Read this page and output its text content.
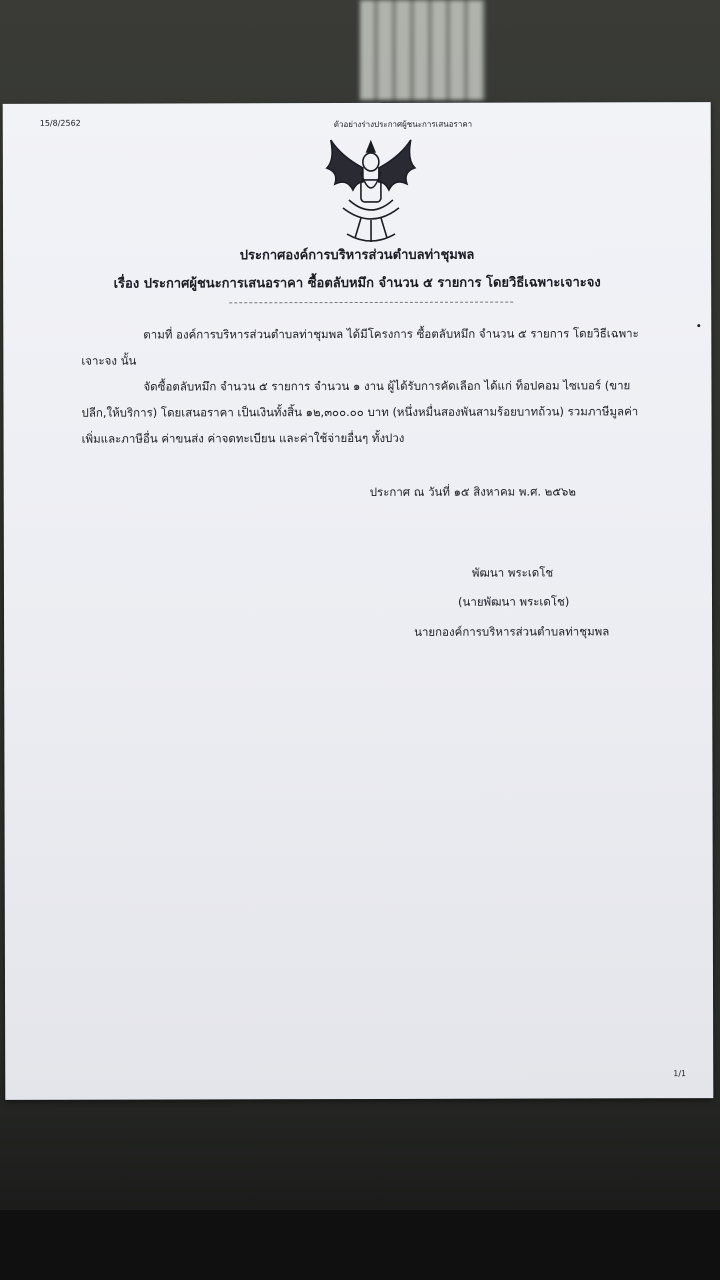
15/8/2562	ตัวอย่างร่างประกาศผู้ชนะการเสนอราคา
ประกาศองค์การบริหารส่วนตำบลท่าชุมพล
เรื่อง ประกาศผู้ชนะการเสนอราคา ซื้อตลับหมึก จำนวน ๕ รายการ โดยวิธีเฉพาะเจาะจง
ตามที่ องค์การบริหารส่วนตำบลท่าชุมพล ได้มีโครงการ ซื้อตลับหมึก จำนวน ๕ รายการ โดยวิธีเฉพาะเจาะจง นั้น
จัดซื้อตลับหมึก จำนวน ๕ รายการ จำนวน ๑ งาน ผู้ได้รับการคัดเลือก ได้แก่ ท็อปคอม ไซเบอร์ (ขายปลีก,ให้บริการ) โดยเสนอราคา เป็นเงินทั้งสิ้น ๑๒,๓๐๐.๐๐ บาท (หนึ่งหมื่นสองพันสามร้อยบาทถ้วน) รวมภาษีมูลค่าเพิ่มและภาษีอื่น ค่าขนส่ง ค่าจดทะเบียน และค่าใช้จ่ายอื่นๆ ทั้งปวง
ประกาศ ณ วันที่ ๑๕ สิงหาคม พ.ศ. ๒๕๖๒
พัฒนา พระเดโช
(นายพัฒนา พระเดโช)
นายกองค์การบริหารส่วนตำบลท่าชุมพล
1/1
